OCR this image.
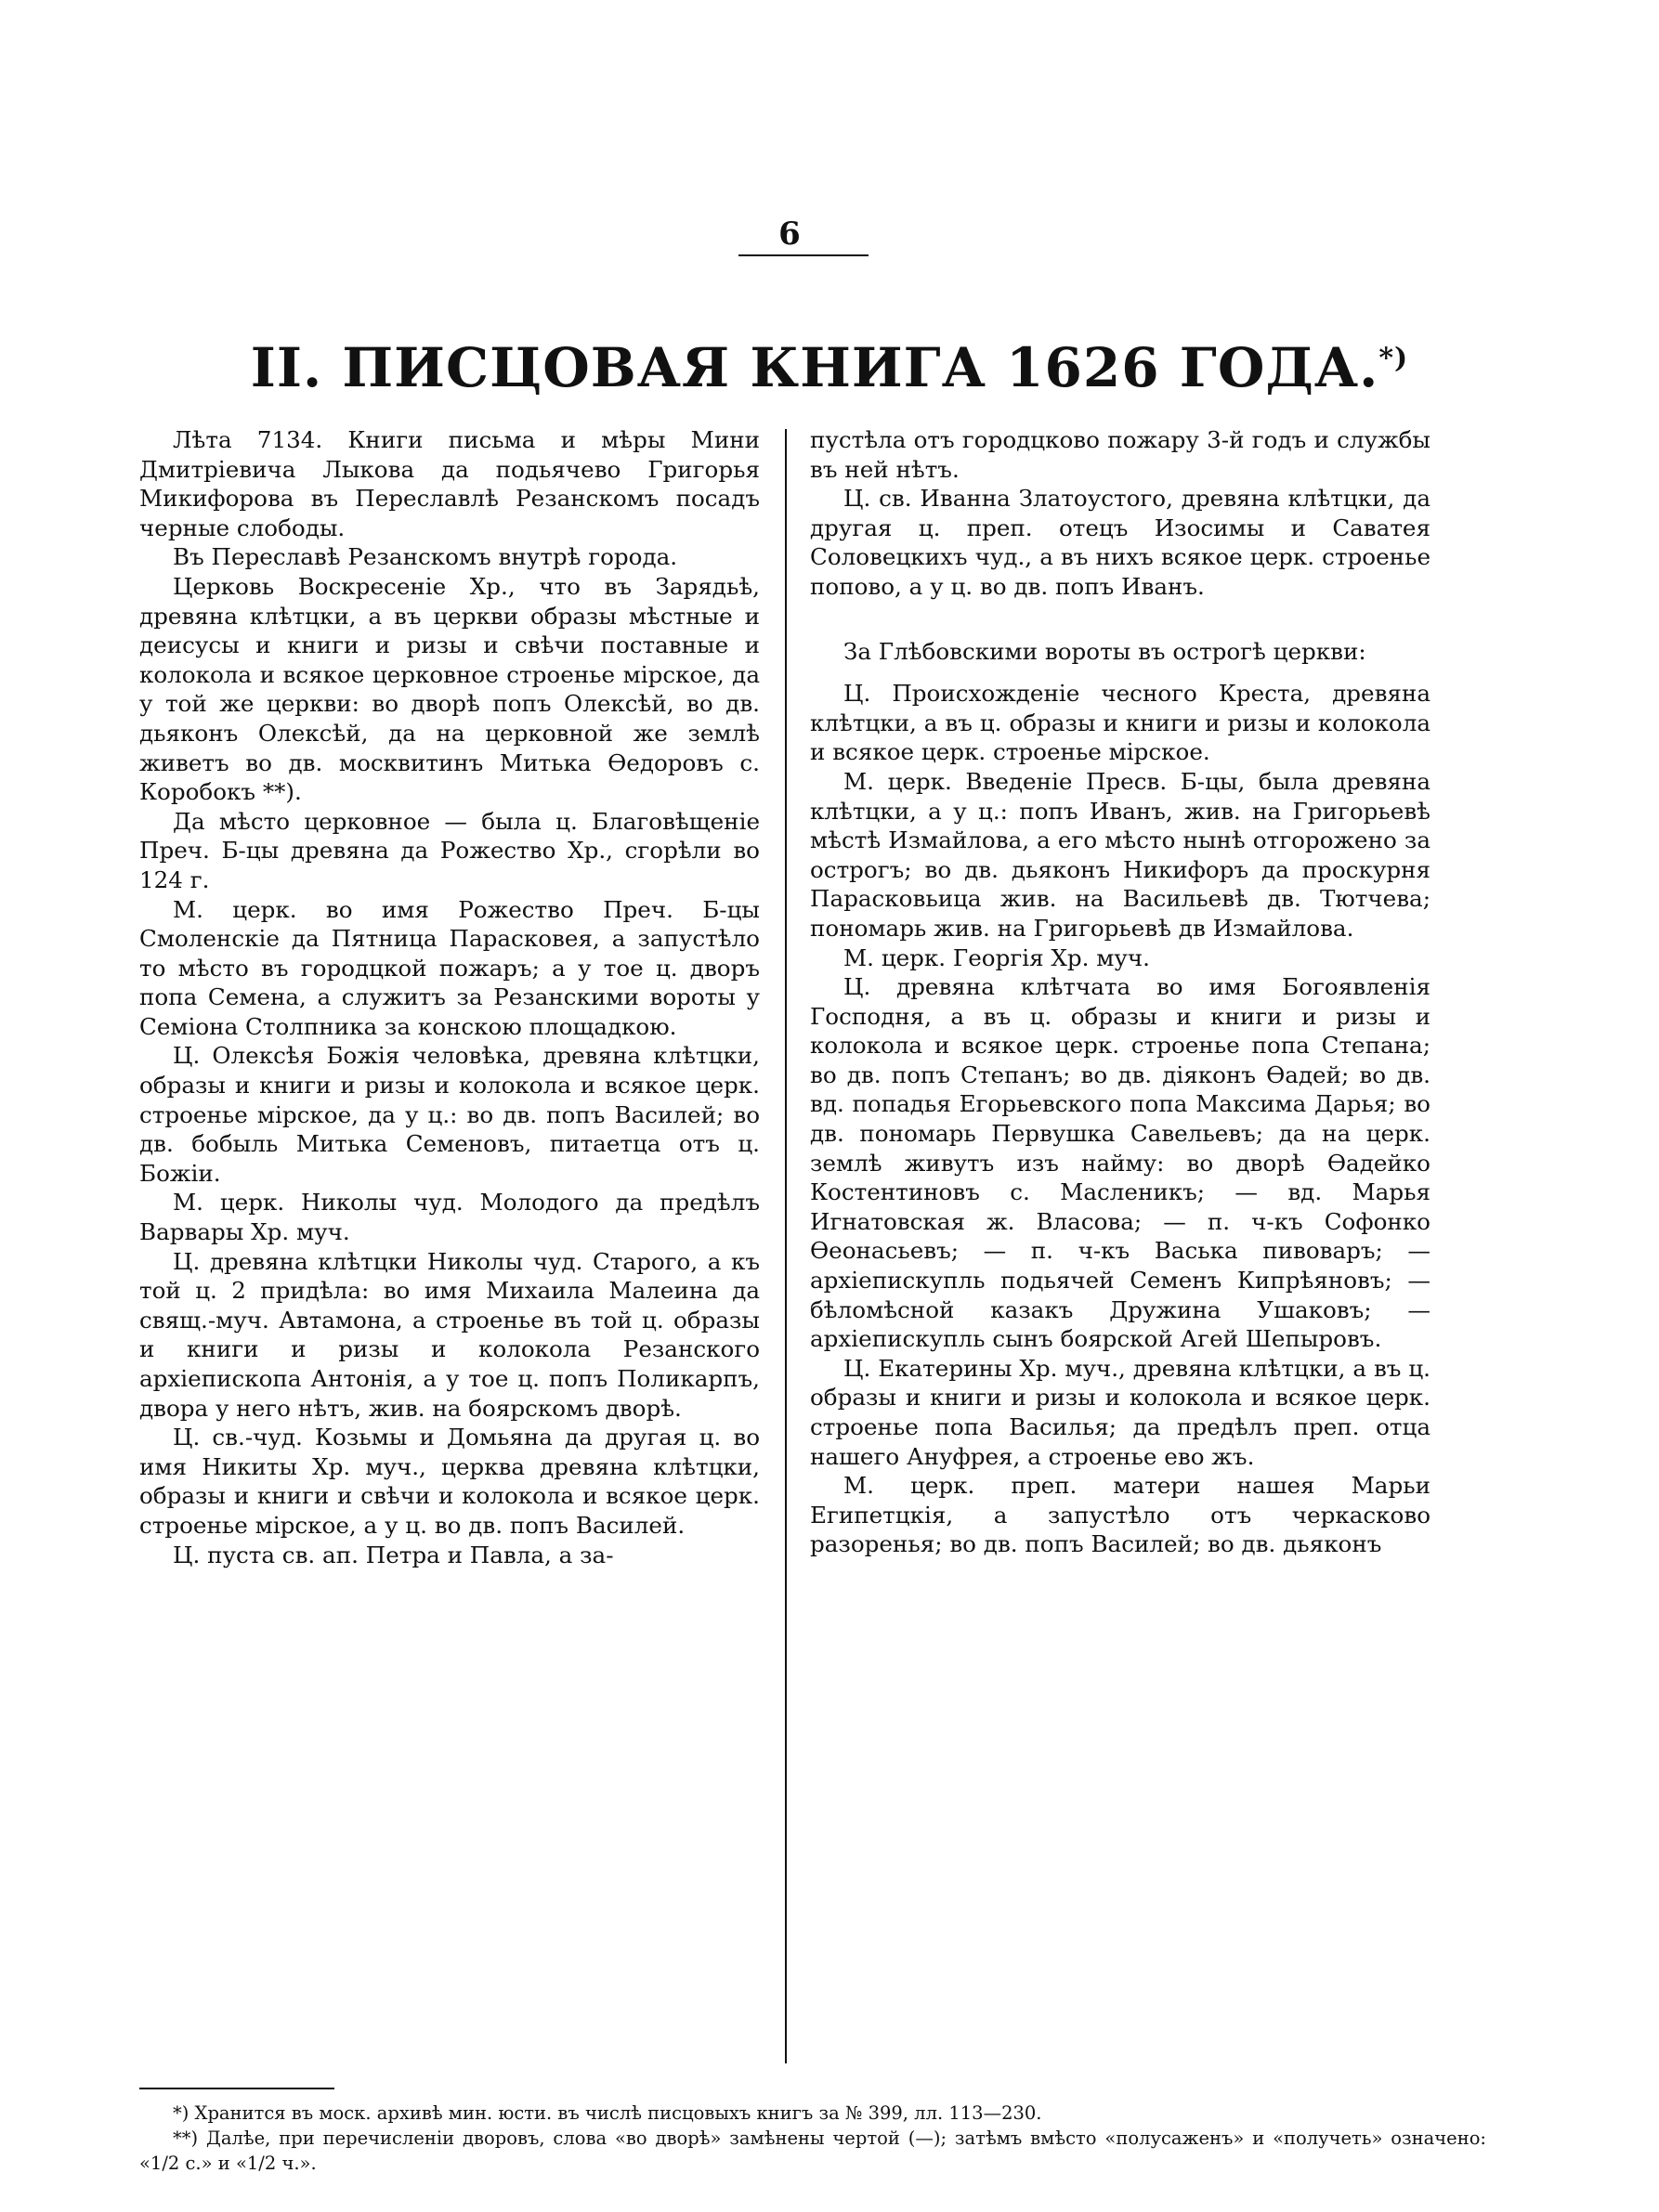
6
II. ПИСЦОВАЯ КНИГА 1626 ГОДА.*)

Лѣта 7134. Книги письма и мѣры Мини Дмитріевича Лыкова да подьячево Григорья Микифорова въ Переславлѣ Резанскомъ посадъ черные слободы.

Въ Переславѣ Резанскомъ внутрѣ города.

Церковь Воскресеніе Хр., что въ Зарядьѣ, древяна клѣтцки, а въ церкви образы мѣстные и деисусы и книги и ризы и свѣчи поставные и колокола и всякое церковное строенье мірское, да у той же церкви: во дворѣ попъ Олексѣй, во дв. дьяконъ Олексѣй, да на церковной же землѣ живетъ во дв. москвитинъ Митька Ѳедоровъ с. Коробокъ **).

Да мѣсто церковное — была ц. Благовѣщеніе Преч. Б-цы древяна да Рожество Хр., сгорѣли во 124 г.

М. церк. во имя Рожество Преч. Б-цы Смоленскіе да Пятница Парасковея, а запустѣло то мѣсто въ городцкой пожаръ; а у тое ц. дворъ попа Семена, а служитъ за Резанскими вороты у Семіона Столпника за конскою площадкою.

Ц. Олексѣя Божія человѣка, древяна клѣтцки, образы и книги и ризы и колокола и всякое церк. строенье мірское, да у ц.: во дв. попъ Василей; во дв. бобыль Митька Семеновъ, питаетца отъ ц. Божіи.

М. церк. Николы чуд. Молодого да предѣлъ Варвары Хр. муч.

Ц. древяна клѣтцки Николы чуд. Старого, а къ той ц. 2 придѣла: во имя Михаила Малеина да свящ.-муч. Автамона, а строенье въ той ц. образы и книги и ризы и колокола Резанского архіепископа Антонія, а у тое ц. попъ Поликарпъ, двора у него нѣтъ, жив. на боярскомъ дворѣ.

Ц. св.-чуд. Козьмы и Домьяна да другая ц. во имя Никиты Хр. муч., церква древяна клѣтцки, образы и книги и свѣчи и колокола и всякое церк. строенье мірское, а у ц. во дв. попъ Василей.

Ц. пуста св. ап. Петра и Павла, а за-

пустѣла отъ городцково пожару 3-й годъ и службы въ ней нѣтъ.

Ц. св. Иванна Златоустого, древяна клѣтцки, да другая ц. преп. отецъ Изосимы и Саватея Соловецкихъ чуд., а въ нихъ всякое церк. строенье попово, а у ц. во дв. попъ Иванъ.

За Глѣбовскими вороты въ острогѣ церкви:

Ц. Происхожденіе чесного Креста, древяна клѣтцки, а въ ц. образы и книги и ризы и колокола и всякое церк. строенье мірское.

М. церк. Введеніе Пресв. Б-цы, была древяна клѣтцки, а у ц.: попъ Иванъ, жив. на Григорьевѣ мѣстѣ Измайлова, а его мѣсто нынѣ отгорожено за острогъ; во дв. дьяконъ Никифоръ да проскурня Парасковьица жив. на Васильевѣ дв. Тютчева; пономарь жив. на Григорьевѣ дв Измайлова.

М. церк. Георгія Хр. муч.

Ц. древяна клѣтчата во имя Богоявленія Господня, а въ ц. образы и книги и ризы и колокола и всякое церк. строенье попа Степана; во дв. попъ Степанъ; во дв. діяконъ Ѳадей; во дв. вд. попадья Егорьевского попа Максима Дарья; во дв. пономарь Первушка Савельевъ; да на церк. землѣ живутъ изъ найму: во дворѣ Ѳадейко Костентиновъ с. Масленикъ; — вд. Марья Игнатовская ж. Власова; — п. ч-къ Софонко Ѳеонасьевъ; — п. ч-къ Васька пивоваръ; — архіепискупль подьячей Семенъ Кипрѣяновъ; — бѣломѣсной казакъ Дружина Ушаковъ; — архіепискупль сынъ боярской Агей Шепыровъ.

Ц. Екатерины Хр. муч., древяна клѣтцки, а въ ц. образы и книги и ризы и колокола и всякое церк. строенье попа Василья; да предѣлъ преп. отца нашего Ануфрея, а строенье ево жъ.

М. церк. преп. матери нашея Марьи Египетцкія, а запустѣло отъ черкасково разоренья; во дв. попъ Василей; во дв. дьяконъ

*) Хранится въ моск. архивѣ мин. юсти. въ числѣ писцовыхъ книгъ за № 399, лл. 113—230.

**) Далѣе, при перечисленіи дворовъ, слова «во дворѣ» замѣнены чертой (—); затѣмъ вмѣсто «полусаженъ» и «получеть» означено: «1/2 с.» и «1/2 ч.».
